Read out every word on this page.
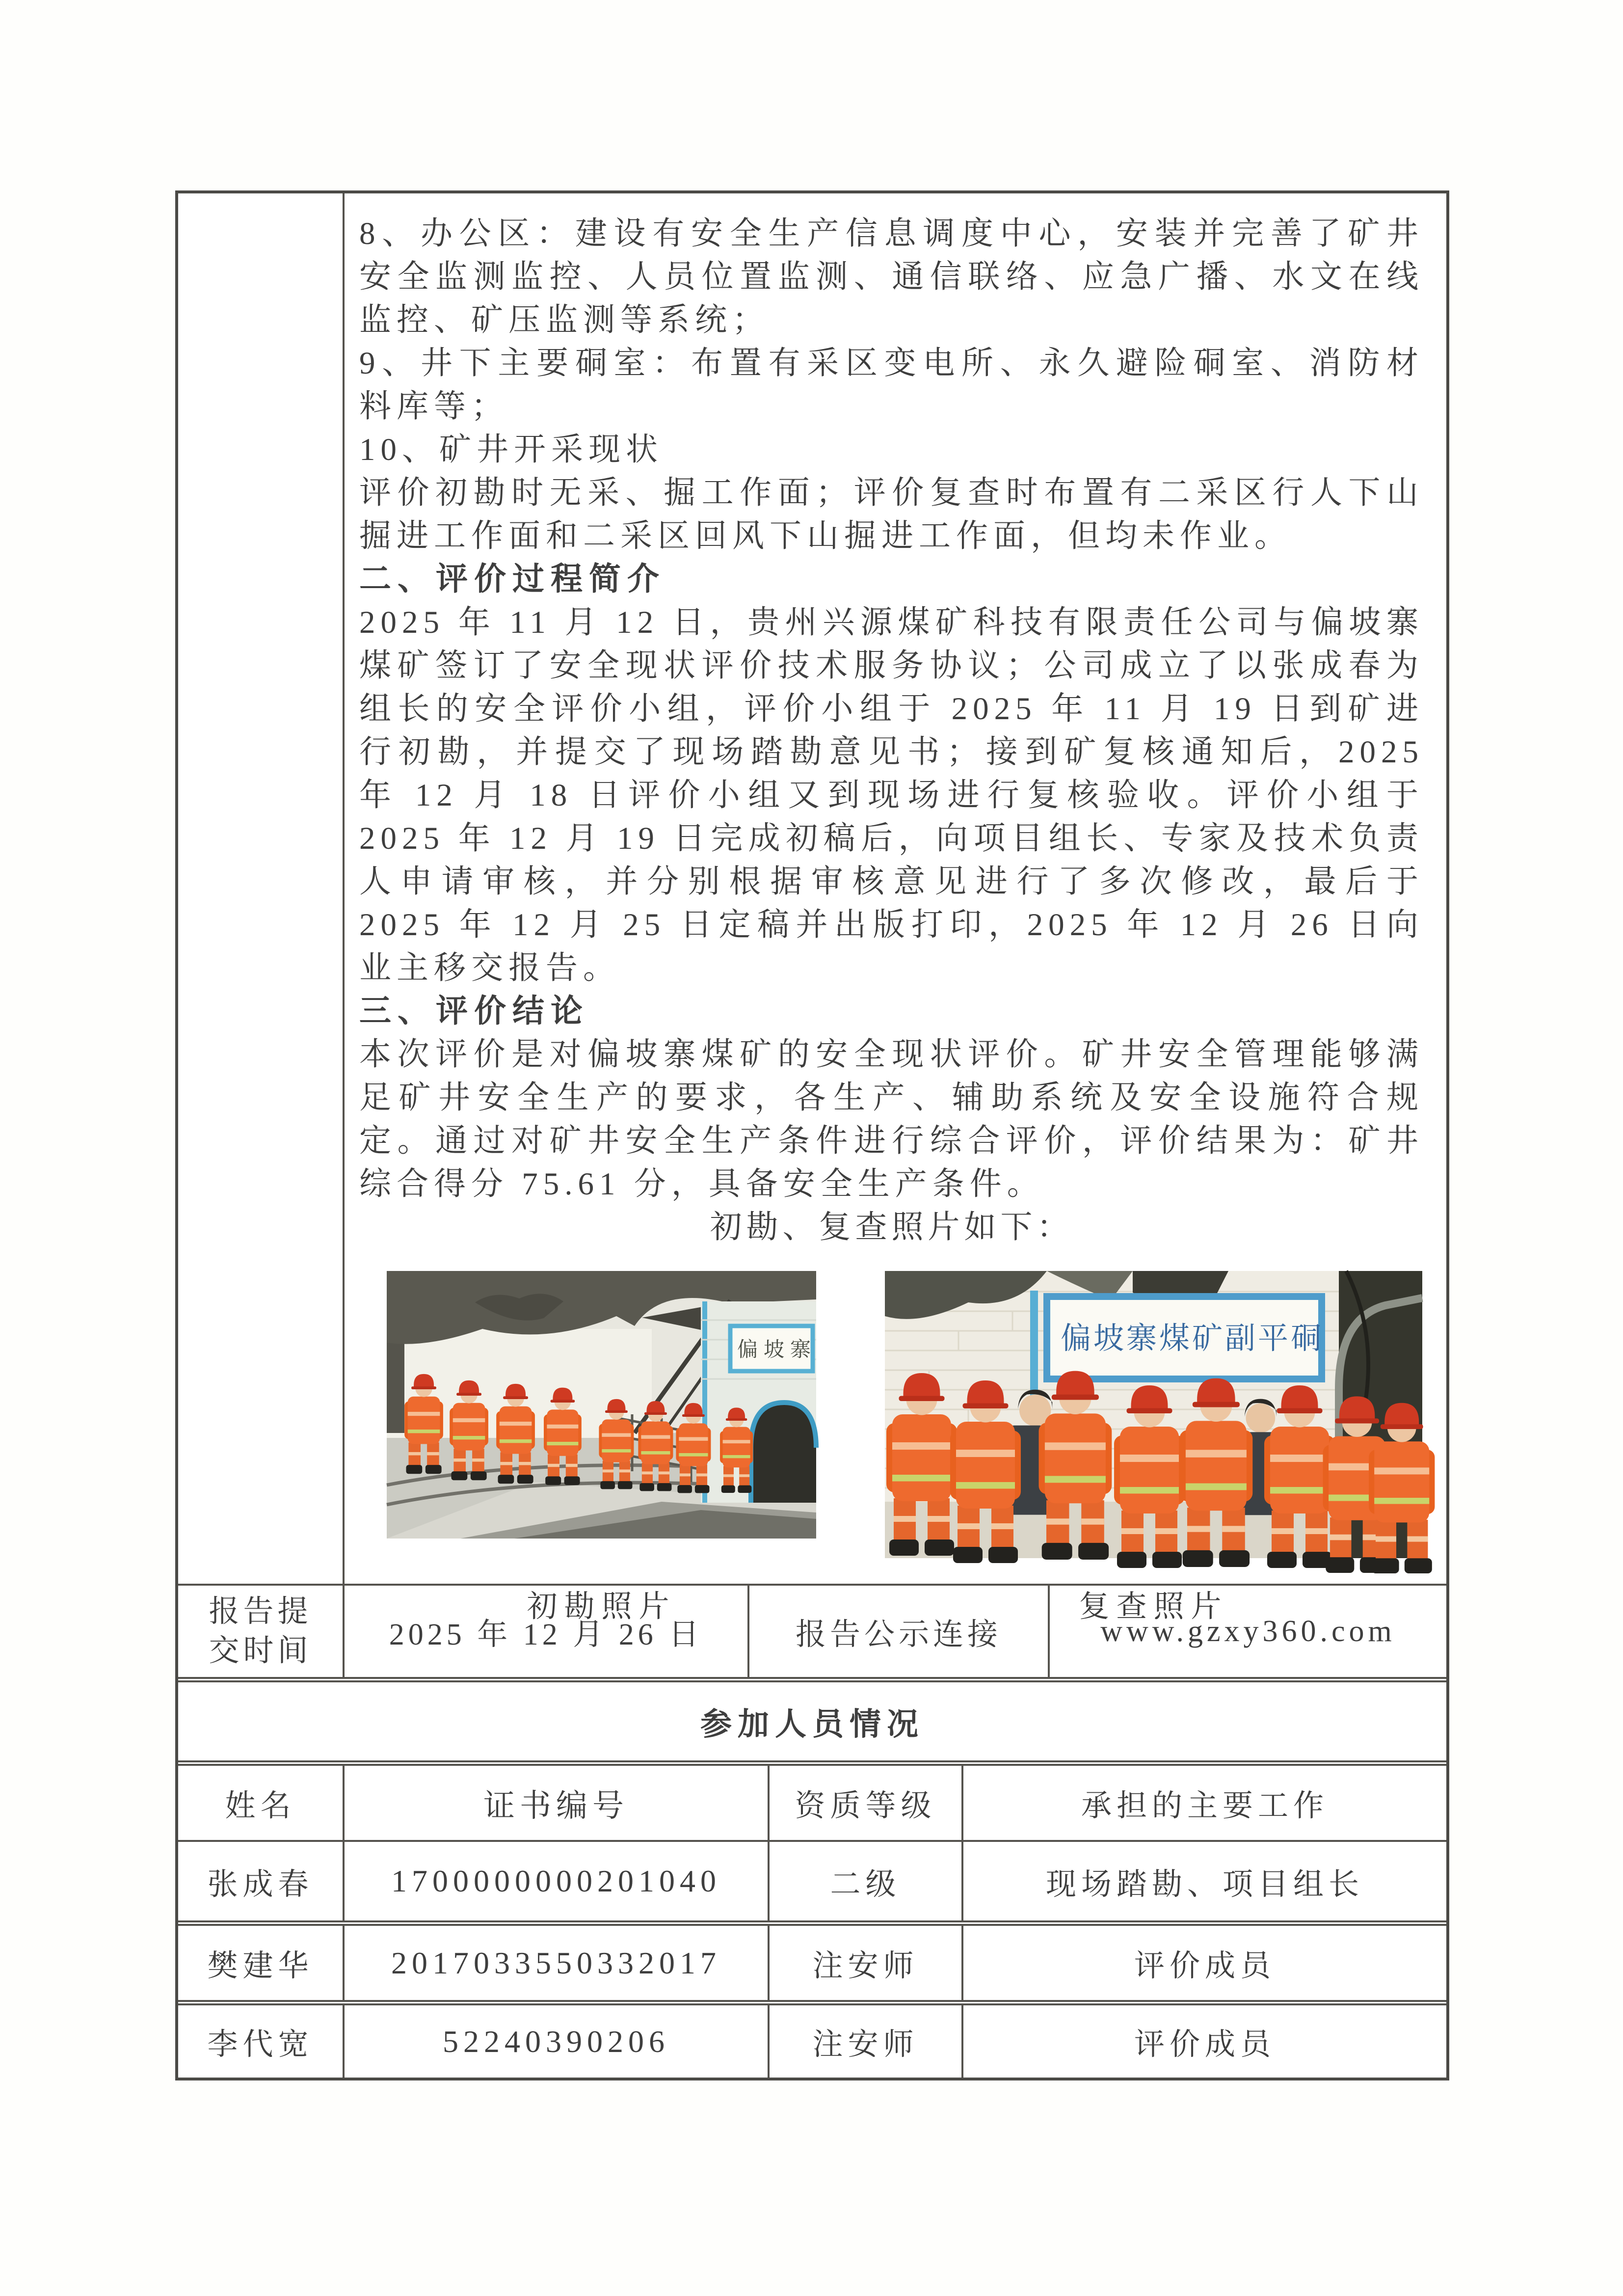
8、办公区：建设有安全生产信息调度中心，安装并完善了矿井安全监测监控、人员位置监测、通信联络、应急广播、水文在线监控、矿压监测等系统；

9、井下主要硐室：布置有采区变电所、永久避险硐室、消防材料库等；

10、矿井开采现状

评价初勘时无采、掘工作面；评价复查时布置有二采区行人下山掘进工作面和二采区回风下山掘进工作面，但均未作业。

二、评价过程简介

2025 年 11 月 12 日，贵州兴源煤矿科技有限责任公司与偏坡寨煤矿签订了安全现状评价技术服务协议；公司成立了以张成春为组长的安全评价小组，评价小组于 2025 年 11 月 19 日到矿进行初勘，并提交了现场踏勘意见书；接到矿复核通知后，2025 年 12 月 18 日评价小组又到现场进行复核验收。评价小组于 2025 年 12 月 19 日完成初稿后，向项目组长、专家及技术负责人申请审核，并分别根据审核意见进行了多次修改，最后于 2025 年 12 月 25 日定稿并出版打印，2025 年 12 月 26 日向业主移交报告。

三、评价结论

本次评价是对偏坡寨煤矿的安全现状评价。矿井安全管理能够满足矿井安全生产的要求，各生产、辅助系统及安全设施符合规定。通过对矿井安全生产条件进行综合评价，评价结果为：矿井综合得分 75.61 分，具备安全生产条件。

初勘、复查照片如下：

偏坡寨	偏坡寨煤矿副平硐
初勘照片	复查照片
报告提交时间	2025 年 12 月 26 日	报告公示连接	www.gzxy360.com
参加人员情况
姓名	证书编号	资质等级	承担的主要工作
张成春	1700000000201040	二级	现场踏勘、项目组长
樊建华	2017033550332017	注安师	评价成员
李代宽	52240390206	注安师	评价成员
